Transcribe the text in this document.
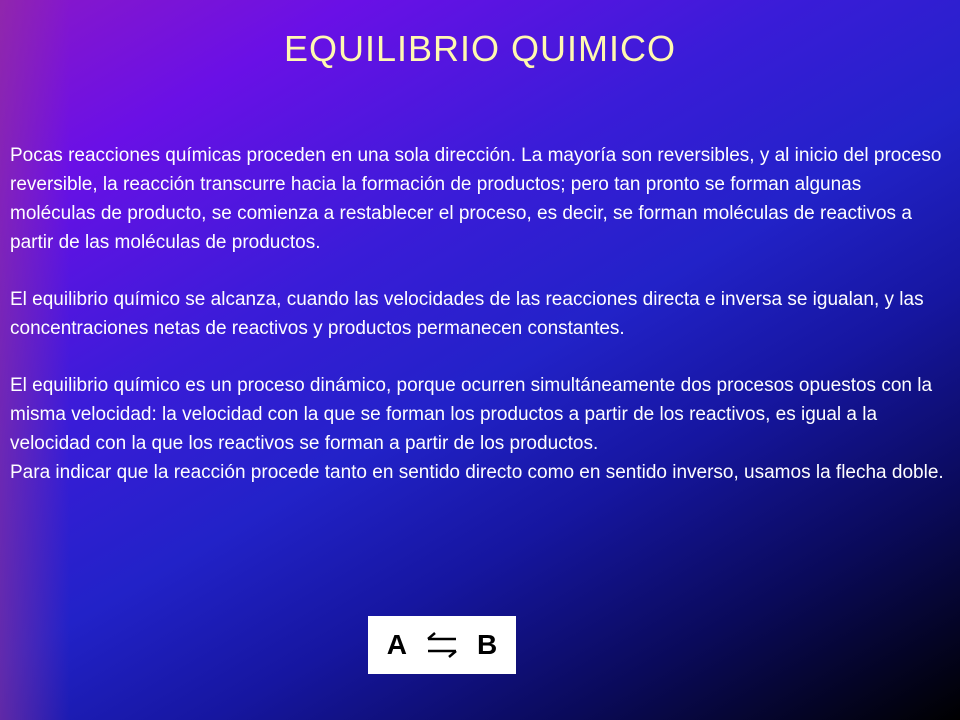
EQUILIBRIO QUIMICO

Pocas reacciones químicas proceden en una sola dirección. La mayoría son reversibles, y al inicio del proceso reversible, la reacción transcurre hacia la formación de productos; pero tan pronto se forman algunas moléculas de producto, se comienza a restablecer el proceso, es decir, se forman moléculas de reactivos a partir de las moléculas de productos.

El equilibrio químico se alcanza, cuando las velocidades de las reacciones directa e inversa se igualan, y las concentraciones netas de reactivos y productos permanecen constantes.

El equilibrio químico es un proceso dinámico, porque ocurren simultáneamente dos procesos opuestos con la misma velocidad: la velocidad con la que se forman los productos a partir de los reactivos, es igual a la velocidad con la que los reactivos se forman a partir de los productos.

Para indicar que la reacción procede tanto en sentido directo como en sentido inverso, usamos la flecha doble.

A	B
